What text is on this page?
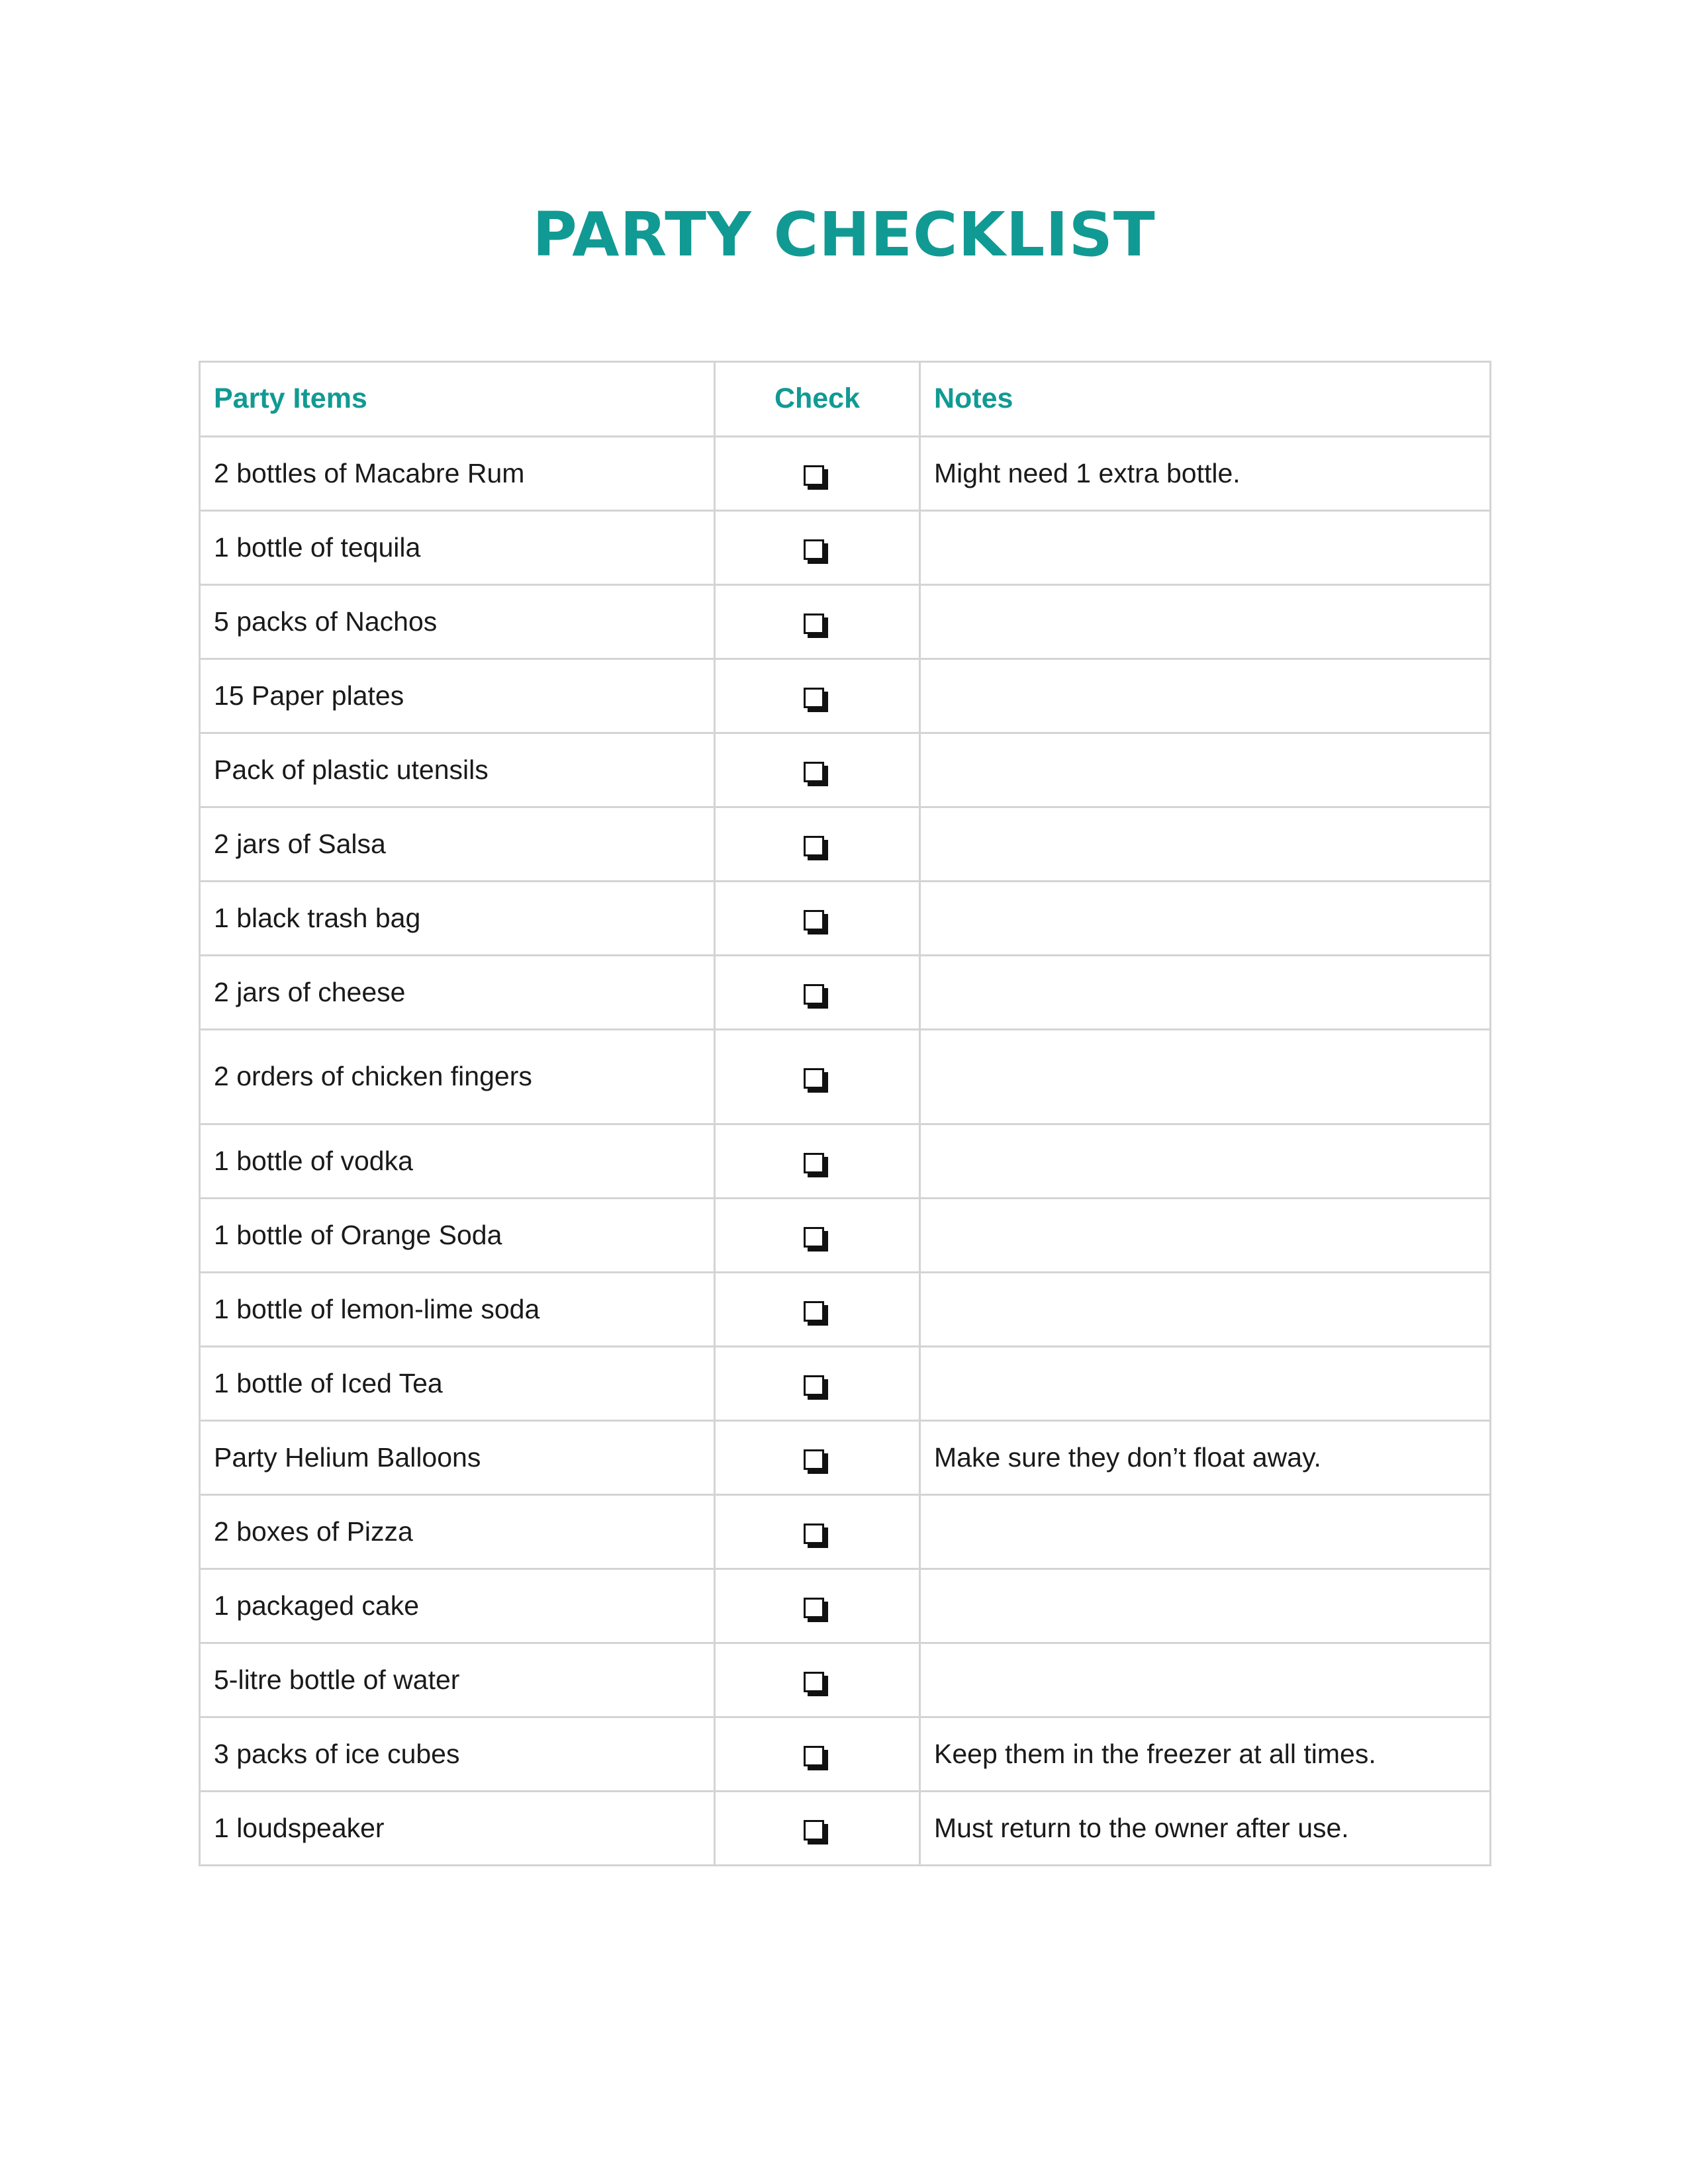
PARTY CHECKLIST
Party Items	Check	Notes
2 bottles of Macabre Rum		Might need 1 extra bottle.
1 bottle of tequila		
5 packs of Nachos		
15 Paper plates		
Pack of plastic utensils		
2 jars of Salsa		
1 black trash bag		
2 jars of cheese		
2 orders of chicken fingers		
1 bottle of vodka		
1 bottle of Orange Soda		
1 bottle of lemon-lime soda		
1 bottle of Iced Tea		
Party Helium Balloons		Make sure they don’t float away.
2 boxes of Pizza		
1 packaged cake		
5-litre bottle of water		
3 packs of ice cubes		Keep them in the freezer at all times.
1 loudspeaker		Must return to the owner after use.
